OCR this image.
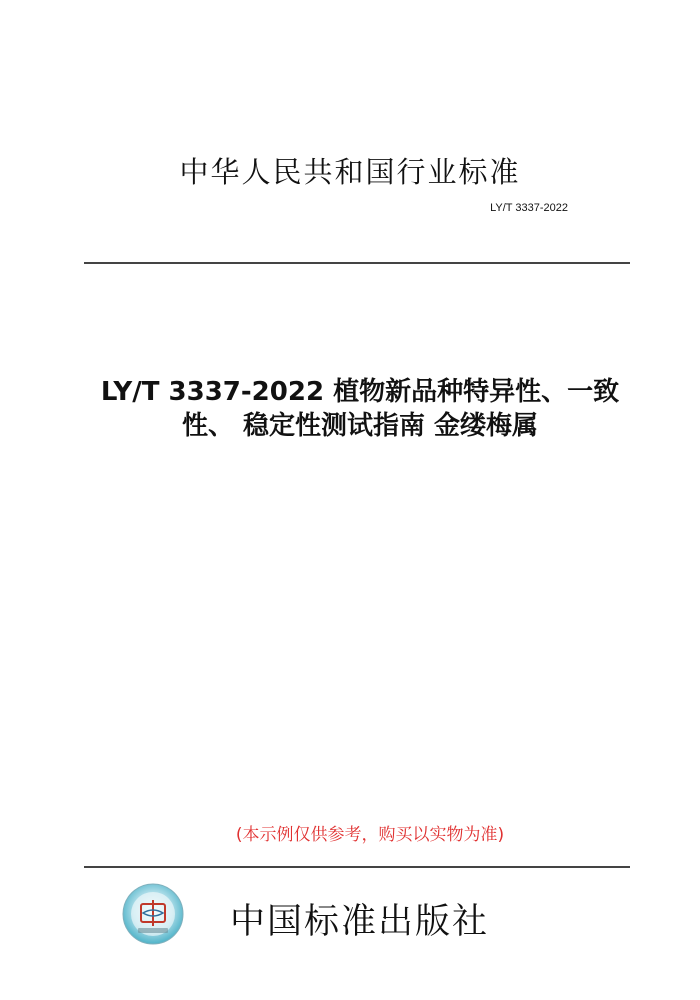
中华人民共和国行业标准
LY/T 3337-2022
LY/T 3337-2022 植物新品种特异性、一致
性、 稳定性测试指南 金缕梅属
(本示例仅供参考，购买以实物为准)
中国标准出版社
